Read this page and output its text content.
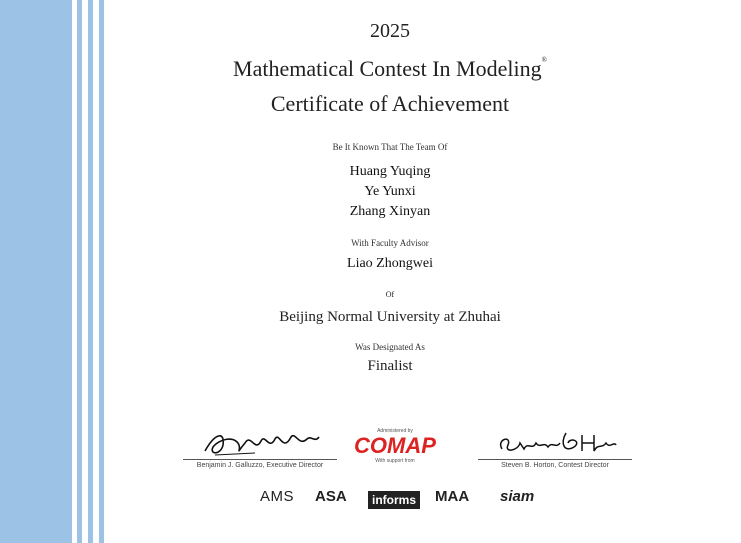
2025
Mathematical Contest In Modeling®
Certificate of Achievement
Be It Known That The Team Of
Huang Yuqing
Ye Yunxi
Zhang Xinyan
With Faculty Advisor
Liao Zhongwei
Of
Beijing Normal University at Zhuhai
Was Designated As
Finalist
Benjamin J. Galluzzo, Executive Director
Administered by
COMAP
With support from
Steven B. Horton, Contest Director
AMS ASA	informs MAA siam
